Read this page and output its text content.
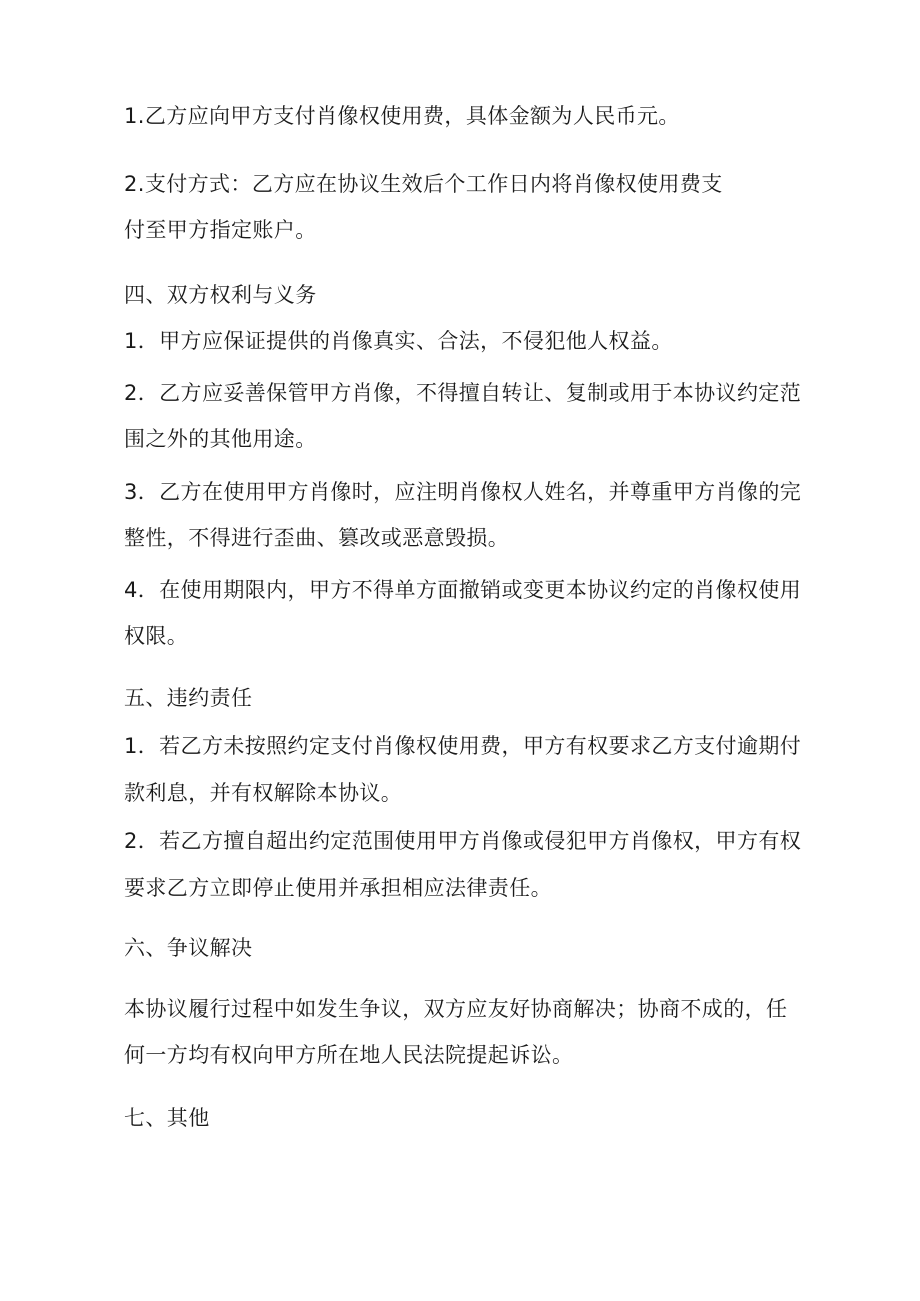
1.乙方应向甲方支付肖像权使用费，具体金额为人民币元。
2.支付方式：乙方应在协议生效后个工作日内将肖像权使用费支
付至甲方指定账户。
四、双方权利与义务
1．甲方应保证提供的肖像真实、合法，不侵犯他人权益。
2．乙方应妥善保管甲方肖像，不得擅自转让、复制或用于本协议约定范
围之外的其他用途。
3．乙方在使用甲方肖像时，应注明肖像权人姓名，并尊重甲方肖像的完
整性，不得进行歪曲、篡改或恶意毁损。
4．在使用期限内，甲方不得单方面撤销或变更本协议约定的肖像权使用
权限。
五、违约责任
1．若乙方未按照约定支付肖像权使用费，甲方有权要求乙方支付逾期付
款利息，并有权解除本协议。
2．若乙方擅自超出约定范围使用甲方肖像或侵犯甲方肖像权，甲方有权
要求乙方立即停止使用并承担相应法律责任。
六、争议解决
本协议履行过程中如发生争议，双方应友好协商解决；协商不成的，任
何一方均有权向甲方所在地人民法院提起诉讼。
七、其他
